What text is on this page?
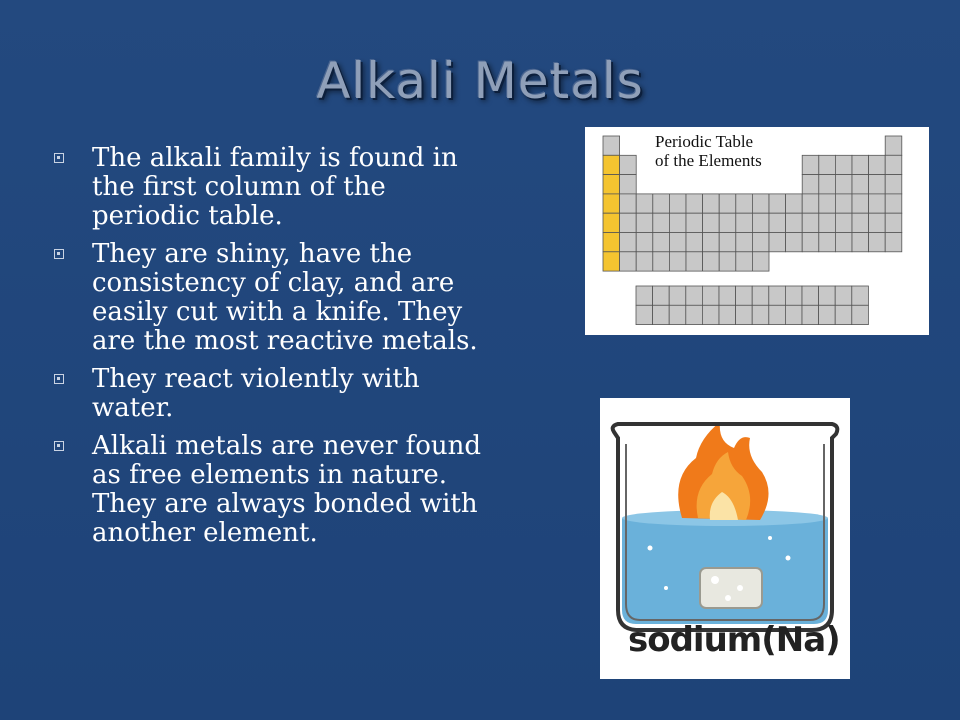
Alkali Metals
The alkali family is found in the first column of the periodic table.
They are shiny, have the consistency of clay, and are easily cut with a knife. They are the most reactive metals.
They react violently with water.
Alkali metals are never found as free elements in nature. They are always bonded with another element.
Periodic Table
of the Elements
sodium(Na)
